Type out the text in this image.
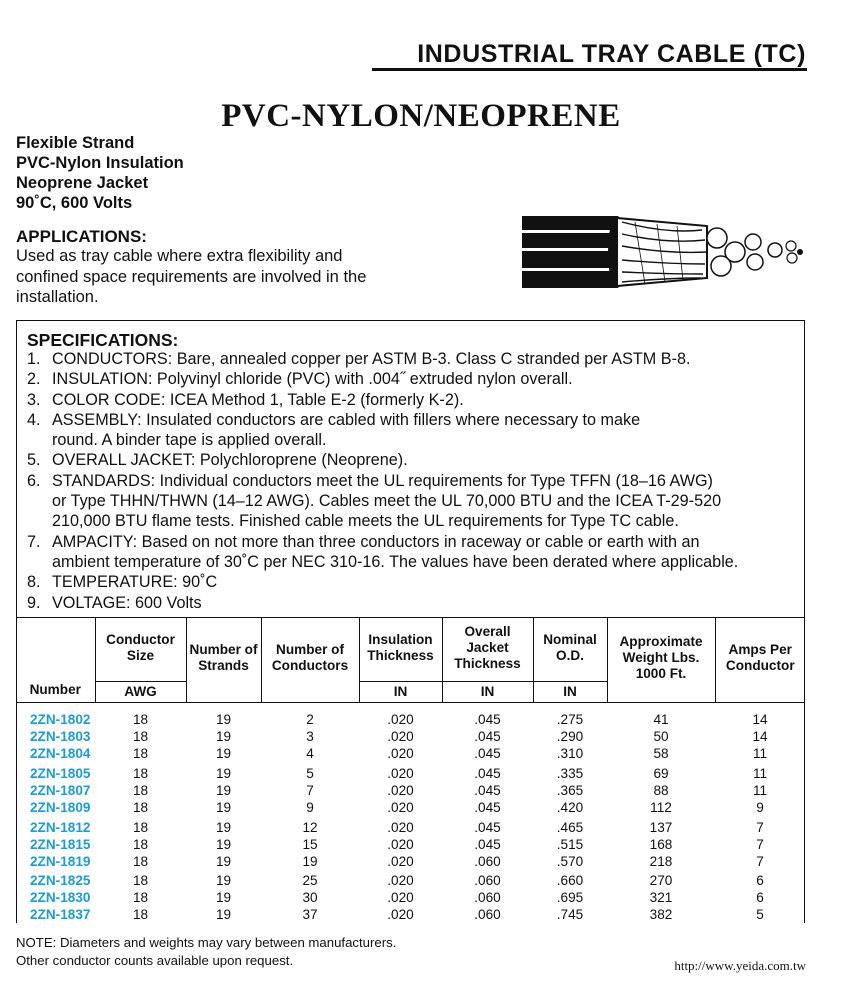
INDUSTRIAL TRAY CABLE (TC)
PVC-NYLON/NEOPRENE
Flexible Strand
PVC-Nylon Insulation
Neoprene Jacket
90˚C, 600 Volts
APPLICATIONS:
Used as tray cable where extra flexibility and
confined space requirements are involved in the
installation.
SPECIFICATIONS:
1. CONDUCTORS: Bare, annealed copper per ASTM B-3. Class C stranded per ASTM B-8.
2. INSULATION: Polyvinyl chloride (PVC) with .004˝ extruded nylon overall.
3. COLOR CODE: ICEA Method 1, Table E-2 (formerly K-2).
4. ASSEMBLY: Insulated conductors are cabled with fillers where necessary to make
round. A binder tape is applied overall.
5. OVERALL JACKET: Polychloroprene (Neoprene).
6. STANDARDS: Individual conductors meet the UL requirements for Type TFFN (18–16 AWG)
or Type THHN/THWN (14–12 AWG). Cables meet the UL 70,000 BTU and the ICEA T-29-520
210,000 BTU flame tests. Finished cable meets the UL requirements for Type TC cable.
7. AMPACITY: Based on not more than three conductors in raceway or cable or earth with an
ambient temperature of 30˚C per NEC 310-16. The values have been derated where applicable.
8. TEMPERATURE: 90˚C
9. VOLTAGE: 600 Volts
Number	Conductor Size	Number of Strands	Number of Conductors	Insulation Thickness	Overall Jacket Thickness	Nominal O.D.	Approximate Weight Lbs. 1000 Ft.	Amps Per Conductor
	AWG			IN	IN	IN		
2ZN-1802	18	19	2	.020	.045	.275	41	14
2ZN-1803	18	19	3	.020	.045	.290	50	14
2ZN-1804	18	19	4	.020	.045	.310	58	11
2ZN-1805	18	19	5	.020	.045	.335	69	11
2ZN-1807	18	19	7	.020	.045	.365	88	11
2ZN-1809	18	19	9	.020	.045	.420	112	9
2ZN-1812	18	19	12	.020	.045	.465	137	7
2ZN-1815	18	19	15	.020	.045	.515	168	7
2ZN-1819	18	19	19	.020	.060	.570	218	7
2ZN-1825	18	19	25	.020	.060	.660	270	6
2ZN-1830	18	19	30	.020	.060	.695	321	6
2ZN-1837	18	19	37	.020	.060	.745	382	5
NOTE: Diameters and weights may vary between manufacturers.
Other conductor counts available upon request.	http://www.yeida.com.tw
